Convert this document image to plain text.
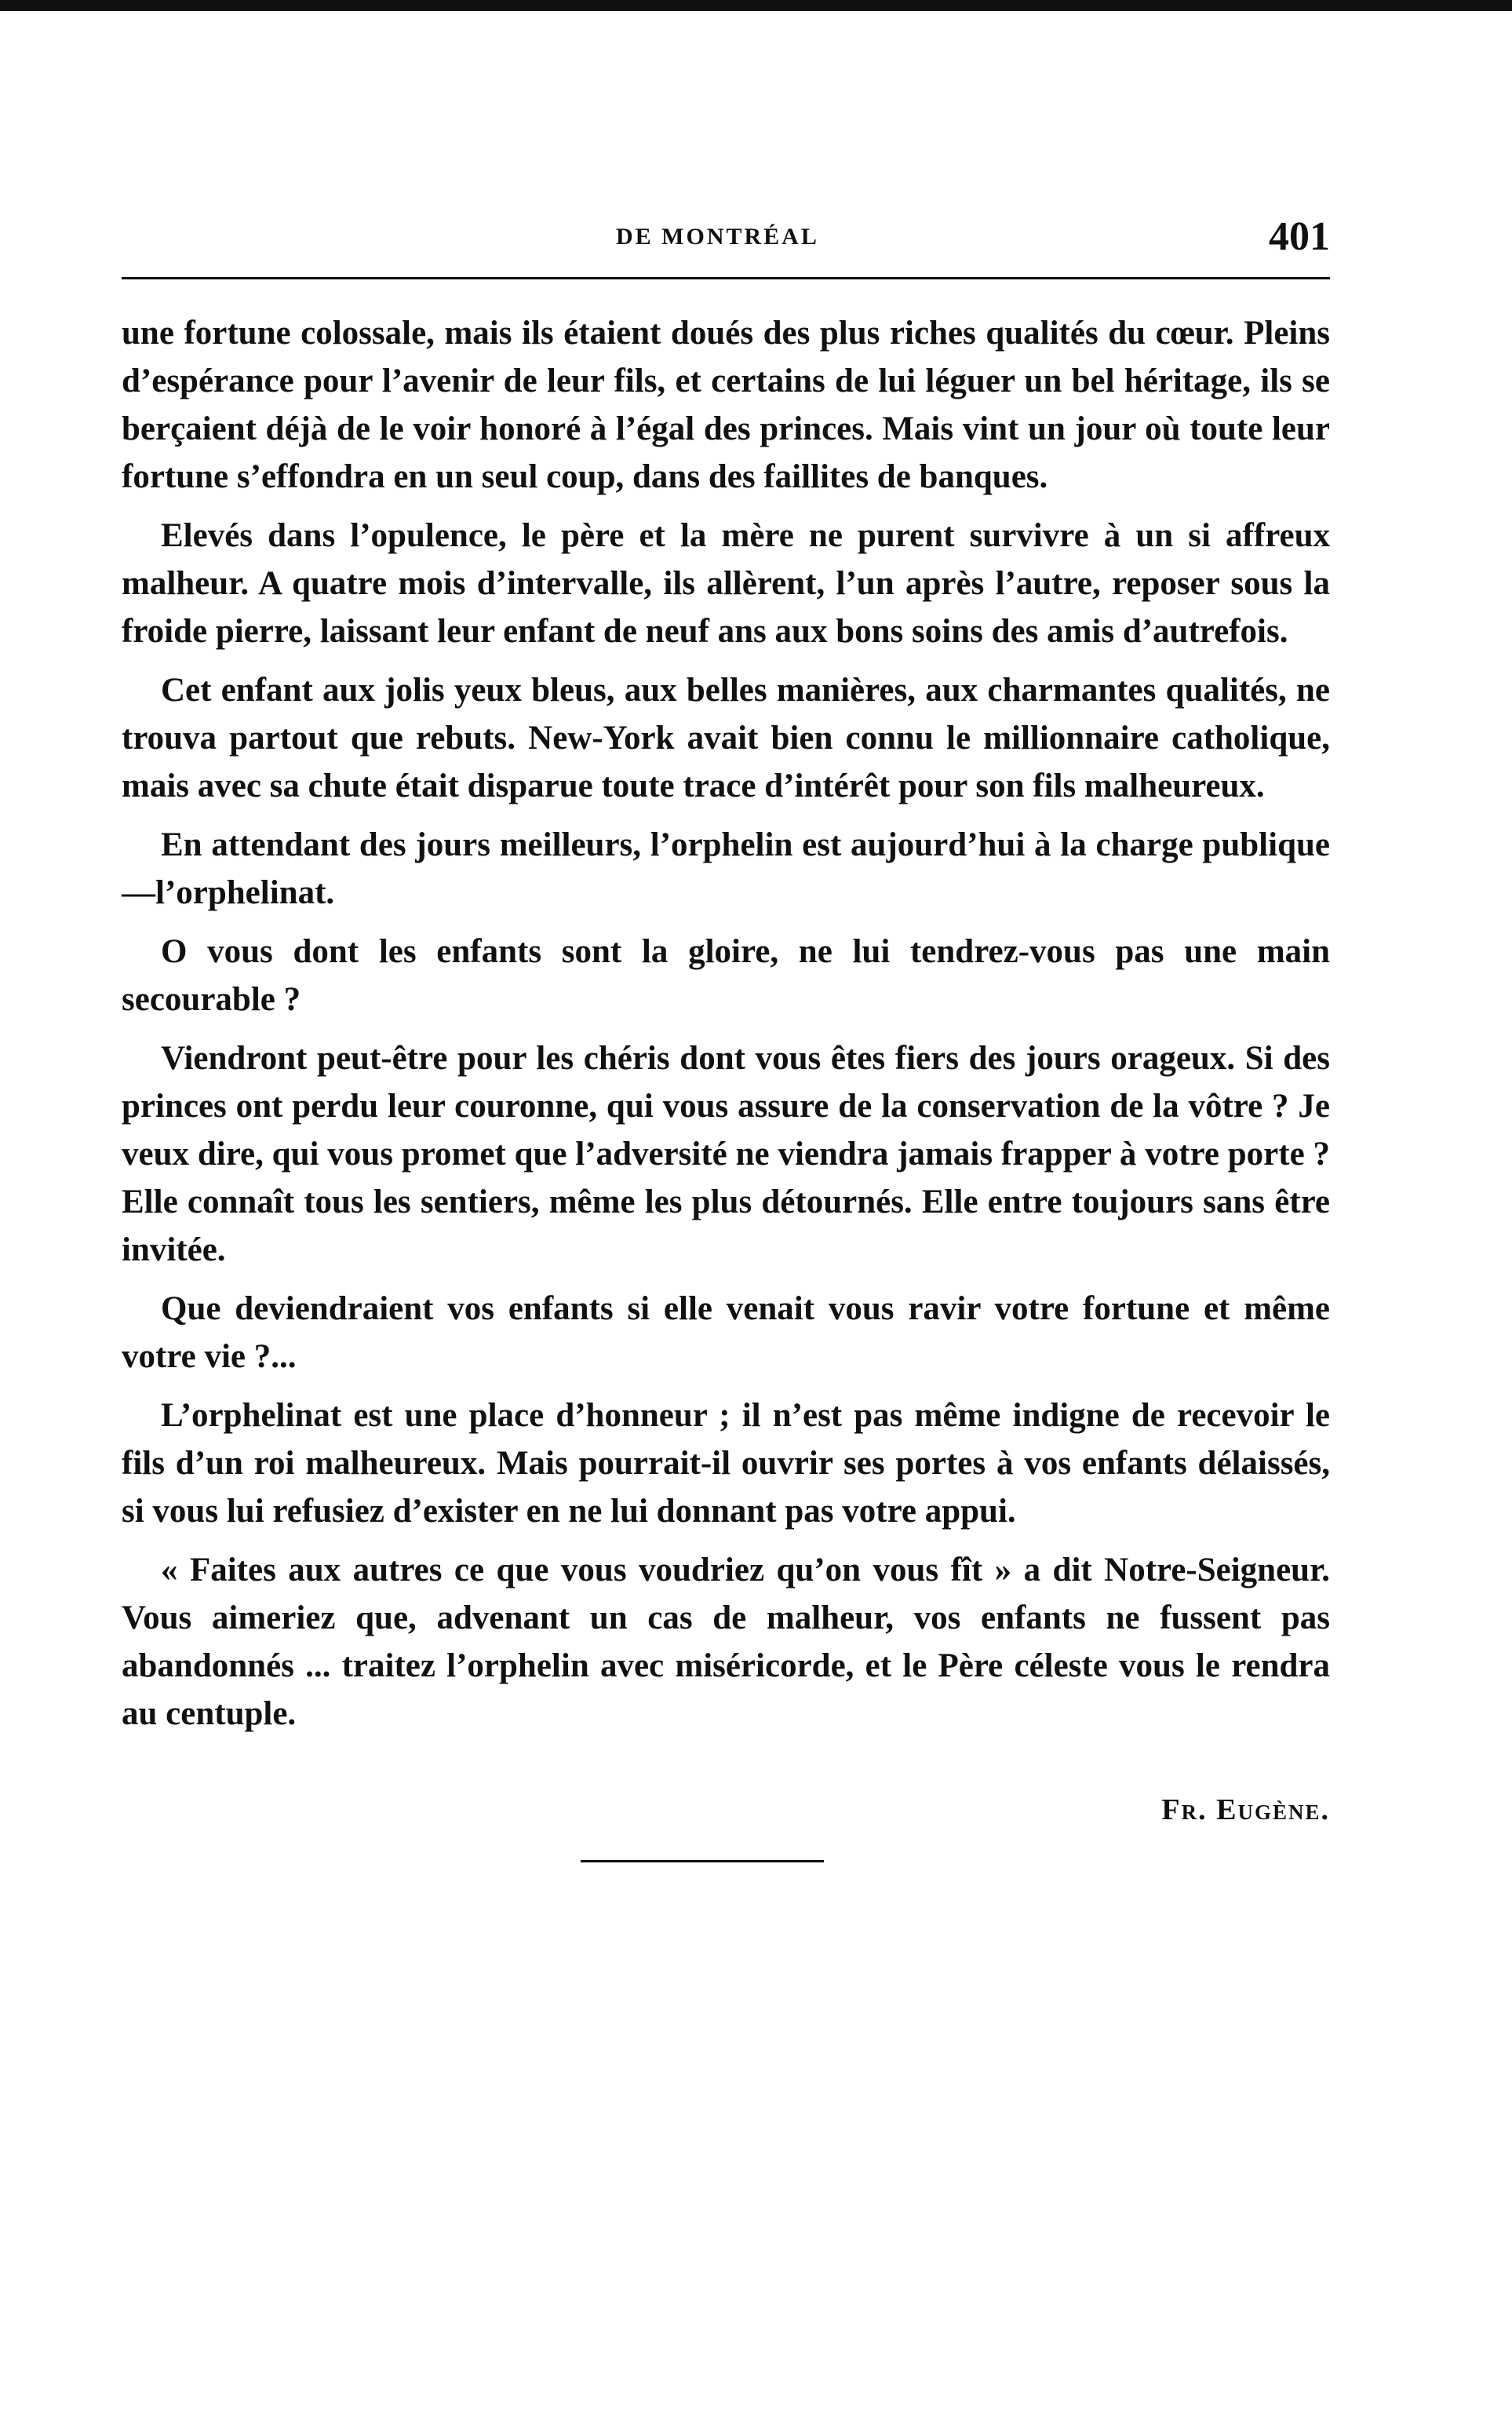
DE MONTRÉAL	401

une fortune colossale, mais ils étaient doués des plus riches qualités du cœur. Pleins d’espérance pour l’avenir de leur fils, et certains de lui léguer un bel héritage, ils se berçaient déjà de le voir honoré à l’égal des princes. Mais vint un jour où toute leur fortune s’effondra en un seul coup, dans des faillites de banques.

Elevés dans l’opulence, le père et la mère ne purent survivre à un si affreux malheur. A quatre mois d’intervalle, ils allèrent, l’un après l’autre, reposer sous la froide pierre, laissant leur enfant de neuf ans aux bons soins des amis d’autrefois.

Cet enfant aux jolis yeux bleus, aux belles manières, aux charmantes qualités, ne trouva partout que rebuts. New-York avait bien connu le millionnaire catholique, mais avec sa chute était disparue toute trace d’intérêt pour son fils malheureux.

En attendant des jours meilleurs, l’orphelin est aujourd’hui à la charge publique—l’orphelinat.

O vous dont les enfants sont la gloire, ne lui tendrez-vous pas une main secourable ?

Viendront peut-être pour les chéris dont vous êtes fiers des jours orageux. Si des princes ont perdu leur couronne, qui vous assure de la conservation de la vôtre ? Je veux dire, qui vous promet que l’adversité ne viendra jamais frapper à votre porte ? Elle connaît tous les sentiers, même les plus détournés. Elle entre toujours sans être invitée.

Que deviendraient vos enfants si elle venait vous ravir votre fortune et même votre vie ?...

L’orphelinat est une place d’honneur ; il n’est pas même indigne de recevoir le fils d’un roi malheureux. Mais pourrait-il ouvrir ses portes à vos enfants délaissés, si vous lui refusiez d’exister en ne lui donnant pas votre appui.

« Faites aux autres ce que vous voudriez qu’on vous fît » a dit Notre-Seigneur. Vous aimeriez que, advenant un cas de malheur, vos enfants ne fussent pas abandonnés ... traitez l’orphelin avec miséricorde, et le Père céleste vous le rendra au centuple.

Fr. Eugène.
